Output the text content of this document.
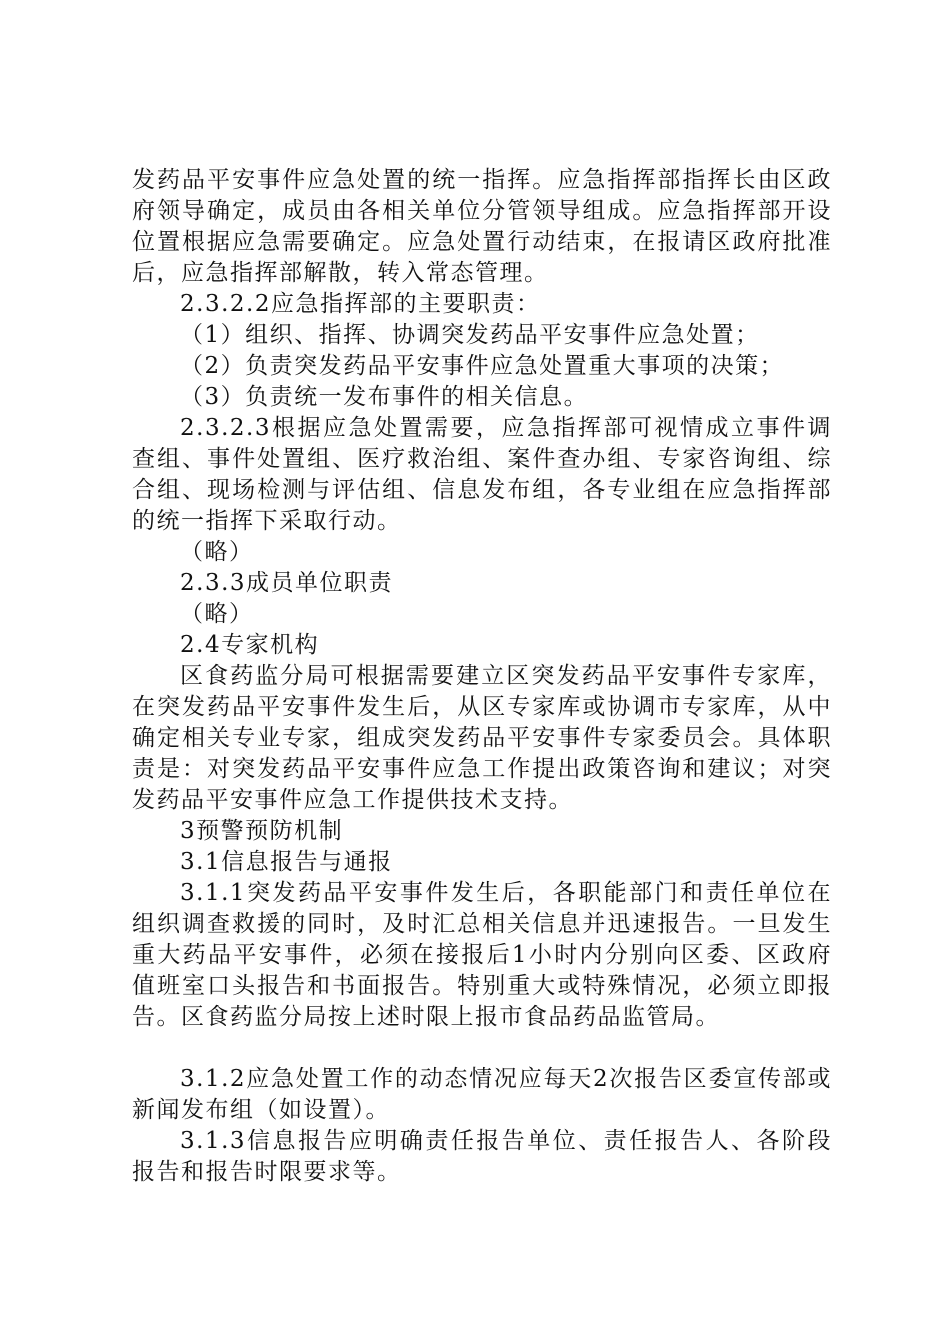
发药品平安事件应急处置的统一指挥。应急指挥部指挥长由区政府领导确定，成员由各相关单位分管领导组成。应急指挥部开设位置根据应急需要确定。应急处置行动结束，在报请区政府批准后，应急指挥部解散，转入常态管理。

2.3.2.2应急指挥部的主要职责：

（1）组织、指挥、协调突发药品平安事件应急处置；

（2）负责突发药品平安事件应急处置重大事项的决策；

（3）负责统一发布事件的相关信息。

2.3.2.3根据应急处置需要，应急指挥部可视情成立事件调查组、事件处置组、医疗救治组、案件查办组、专家咨询组、综合组、现场检测与评估组、信息发布组，各专业组在应急指挥部的统一指挥下采取行动。

（略）

2.3.3成员单位职责

（略）

2.4专家机构

区食药监分局可根据需要建立区突发药品平安事件专家库，在突发药品平安事件发生后，从区专家库或协调市专家库，从中确定相关专业专家，组成突发药品平安事件专家委员会。具体职责是：对突发药品平安事件应急工作提出政策咨询和建议；对突发药品平安事件应急工作提供技术支持。

3预警预防机制

3.1信息报告与通报

3.1.1突发药品平安事件发生后，各职能部门和责任单位在组织调查救援的同时，及时汇总相关信息并迅速报告。一旦发生重大药品平安事件，必须在接报后1小时内分别向区委、区政府值班室口头报告和书面报告。特别重大或特殊情况，必须立即报告。区食药监分局按上述时限上报市食品药品监管局。

3.1.2应急处置工作的动态情况应每天2次报告区委宣传部或新闻发布组（如设置）。

3.1.3信息报告应明确责任报告单位、责任报告人、各阶段报告和报告时限要求等。
